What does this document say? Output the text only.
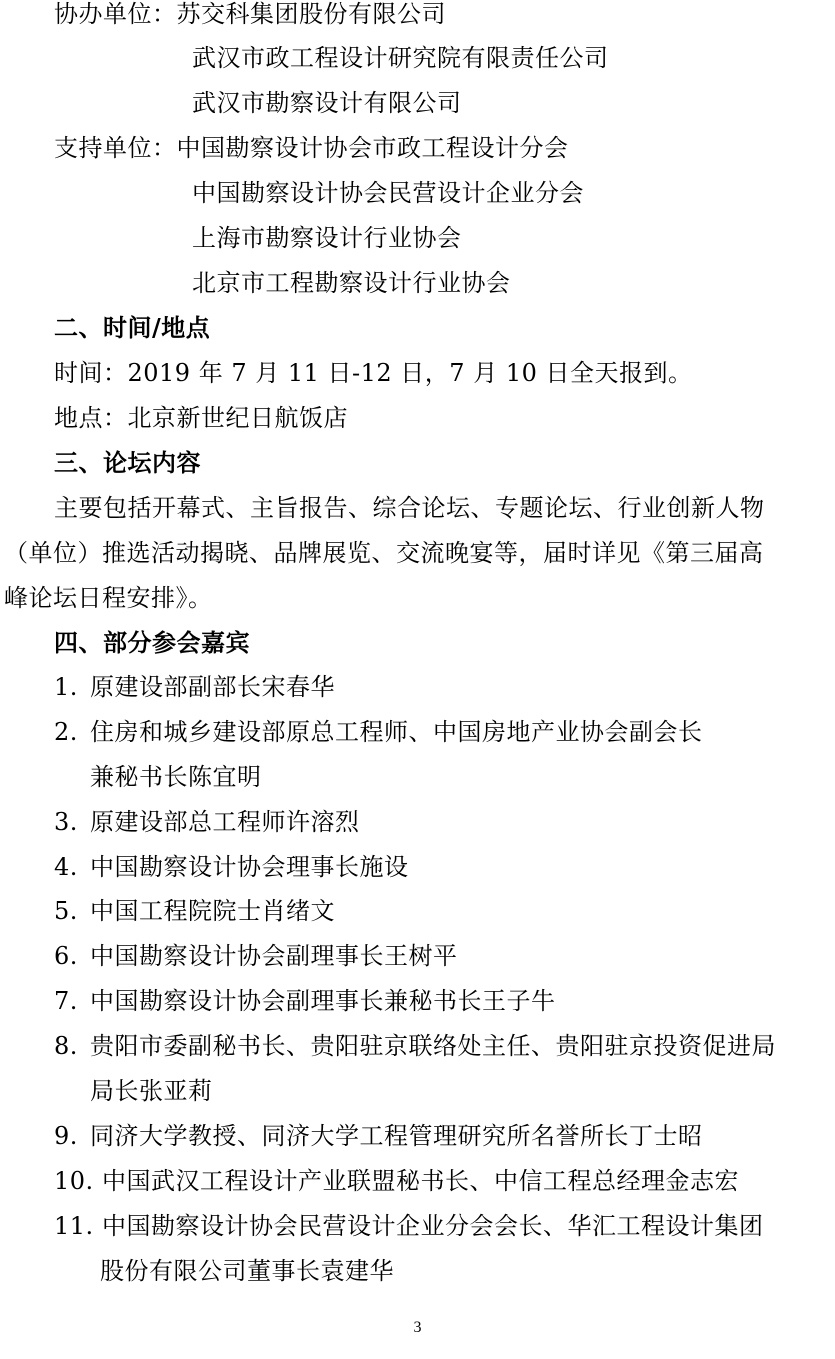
协办单位：苏交科集团股份有限公司
武汉市政工程设计研究院有限责任公司
武汉市勘察设计有限公司
支持单位：中国勘察设计协会市政工程设计分会
中国勘察设计协会民营设计企业分会
上海市勘察设计行业协会
北京市工程勘察设计行业协会
二、时间/地点
时间：2019 年 7 月 11 日-12 日，7 月 10 日全天报到。
地点：北京新世纪日航饭店
三、论坛内容
主要包括开幕式、主旨报告、综合论坛、专题论坛、行业创新人物
（单位）推选活动揭晓、品牌展览、交流晚宴等，届时详见《第三届高
峰论坛日程安排》。
四、部分参会嘉宾
1. 原建设部副部长宋春华
2. 住房和城乡建设部原总工程师、中国房地产业协会副会长
兼秘书长陈宜明
3. 原建设部总工程师许溶烈
4. 中国勘察设计协会理事长施设
5. 中国工程院院士肖绪文
6. 中国勘察设计协会副理事长王树平
7. 中国勘察设计协会副理事长兼秘书长王子牛
8. 贵阳市委副秘书长、贵阳驻京联络处主任、贵阳驻京投资促进局
局长张亚莉
9. 同济大学教授、同济大学工程管理研究所名誉所长丁士昭
10. 中国武汉工程设计产业联盟秘书长、中信工程总经理金志宏
11. 中国勘察设计协会民营设计企业分会会长、华汇工程设计集团
股份有限公司董事长袁建华
3
